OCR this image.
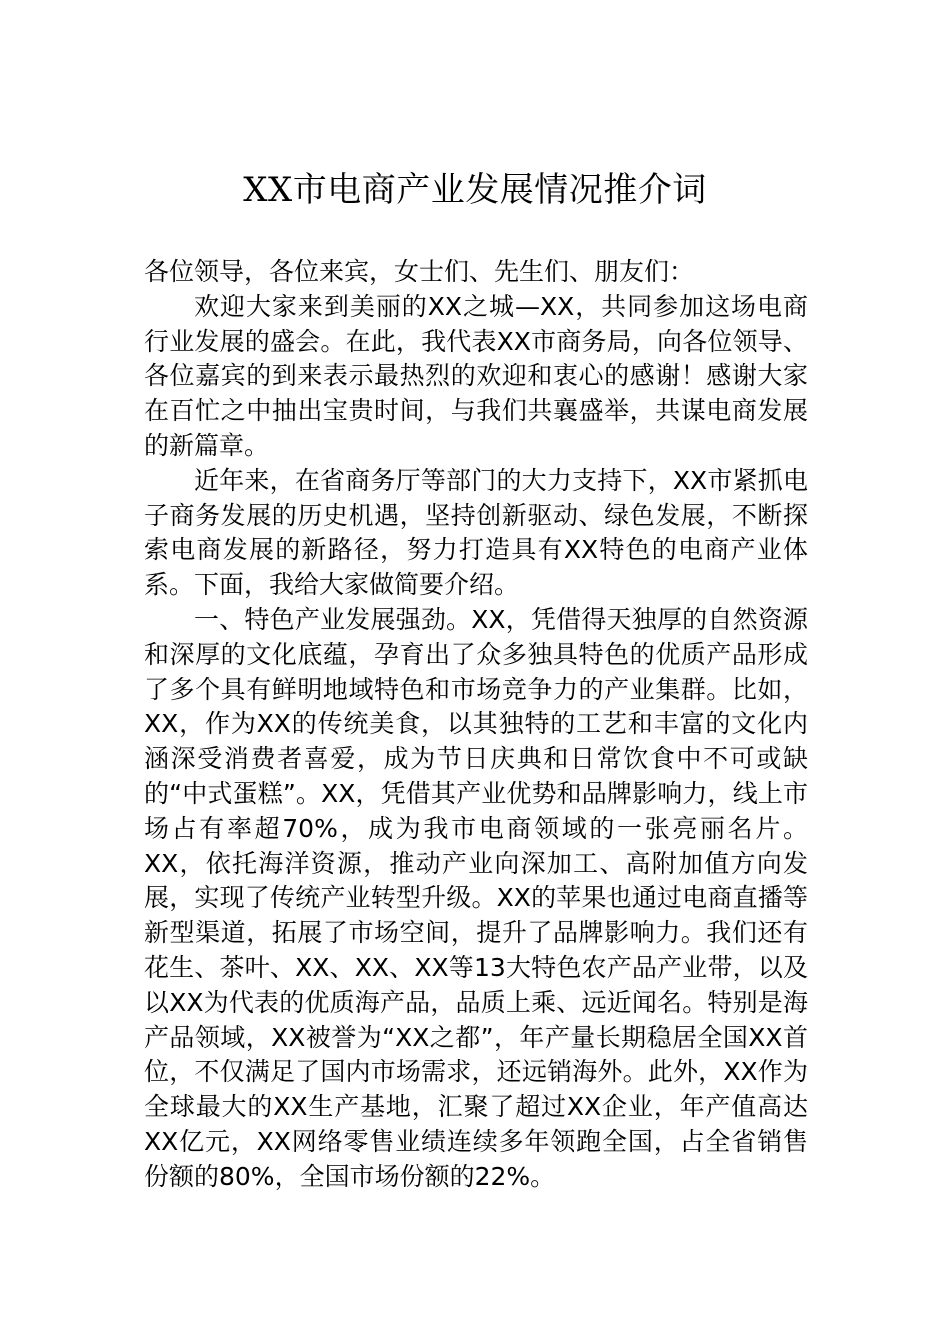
XX市电商产业发展情况推介词

各位领导，各位来宾，女士们、先生们、朋友们：

欢迎大家来到美丽的XX之城—XX，共同参加这场电商行业发展的盛会。在此，我代表XX市商务局，向各位领导、各位嘉宾的到来表示最热烈的欢迎和衷心的感谢！感谢大家在百忙之中抽出宝贵时间，与我们共襄盛举，共谋电商发展的新篇章。

近年来，在省商务厅等部门的大力支持下，XX市紧抓电子商务发展的历史机遇，坚持创新驱动、绿色发展，不断探索电商发展的新路径，努力打造具有XX特色的电商产业体系。下面，我给大家做简要介绍。

一、特色产业发展强劲。XX，凭借得天独厚的自然资源和深厚的文化底蕴，孕育出了众多独具特色的优质产品形成了多个具有鲜明地域特色和市场竞争力的产业集群。比如，XX，作为XX的传统美食，以其独特的工艺和丰富的文化内涵深受消费者喜爱，成为节日庆典和日常饮食中不可或缺的“中式蛋糕”。XX，凭借其产业优势和品牌影响力，线上市场占有率超70%，成为我市电商领域的一张亮丽名片。XX，依托海洋资源，推动产业向深加工、高附加值方向发展，实现了传统产业转型升级。XX的苹果也通过电商直播等新型渠道，拓展了市场空间，提升了品牌影响力。我们还有花生、茶叶、XX、XX、XX等13大特色农产品产业带，以及以XX为代表的优质海产品，品质上乘、远近闻名。特别是海产品领域，XX被誉为“XX之都”，年产量长期稳居全国XX首位，不仅满足了国内市场需求，还远销海外。此外，XX作为全球最大的XX生产基地，汇聚了超过XX企业，年产值高达XX亿元，XX网络零售业绩连续多年领跑全国，占全省销售份额的80%，全国市场份额的22%。
